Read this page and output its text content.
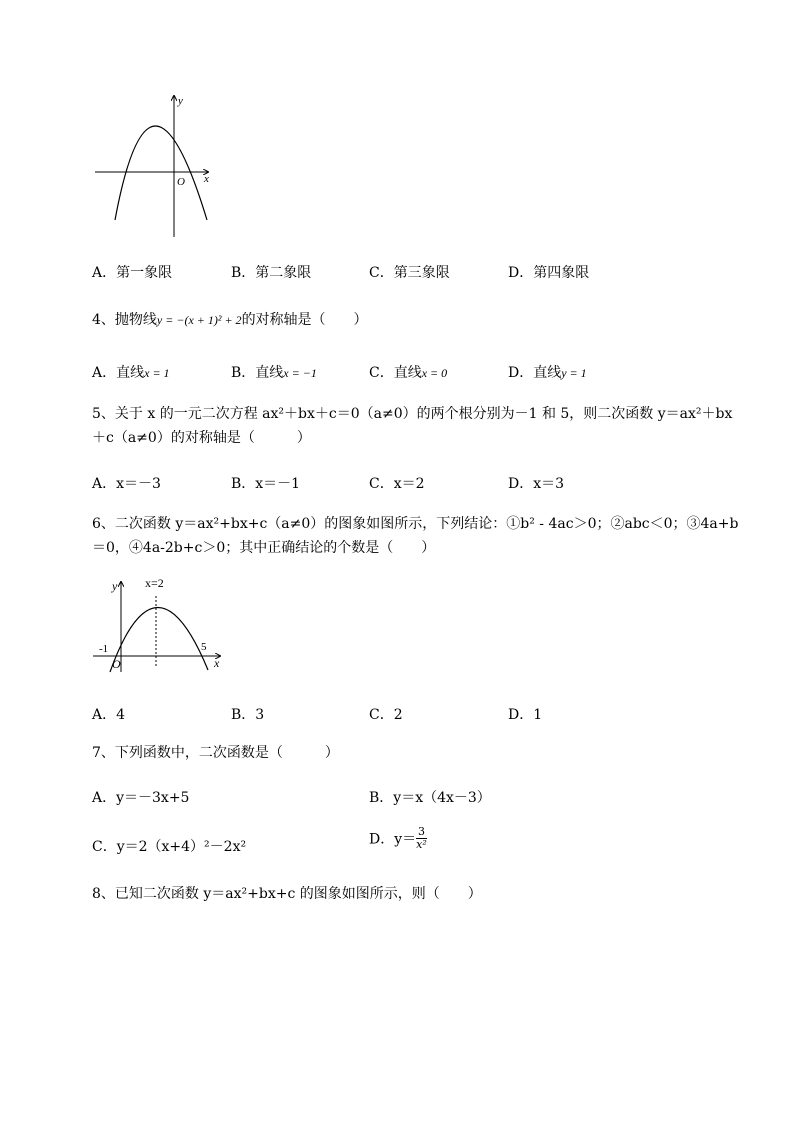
y
x
O
A．第一象限	B．第二象限	C．第三象限	D．第四象限
4、抛物线y = −(x + 1)² + 2的对称轴是（　　）
A．直线x = 1	B．直线x = −1	C．直线x = 0	D．直线y = 1
5、关于 x 的一元二次方程 ax²＋bx＋c＝0（a≠0）的两个根分别为－1 和 5，则二次函数 y＝ax²＋bx
＋c（a≠0）的对称轴是（　　　）
A．x＝－3	B．x＝－1	C．x＝2	D．x＝3
6、二次函数 y＝ax²+bx+c（a≠0）的图象如图所示，下列结论：①b² ‑ 4ac＞0；②abc＜0；③4a+b
＝0，④4a‑2b+c＞0；其中正确结论的个数是（　　）
y x=2
-1	5
O	x
A．4	B．3	C．2	D．1
7、下列函数中，二次函数是（　　　）
A．y＝－3x+5	B．y＝x（4x－3）
C．y＝2（x+4）²－2x²	D．$y= \frac{3}{\text{x²}}$
8、已知二次函数 y＝ax²+bx+c 的图象如图所示，则（　　）
